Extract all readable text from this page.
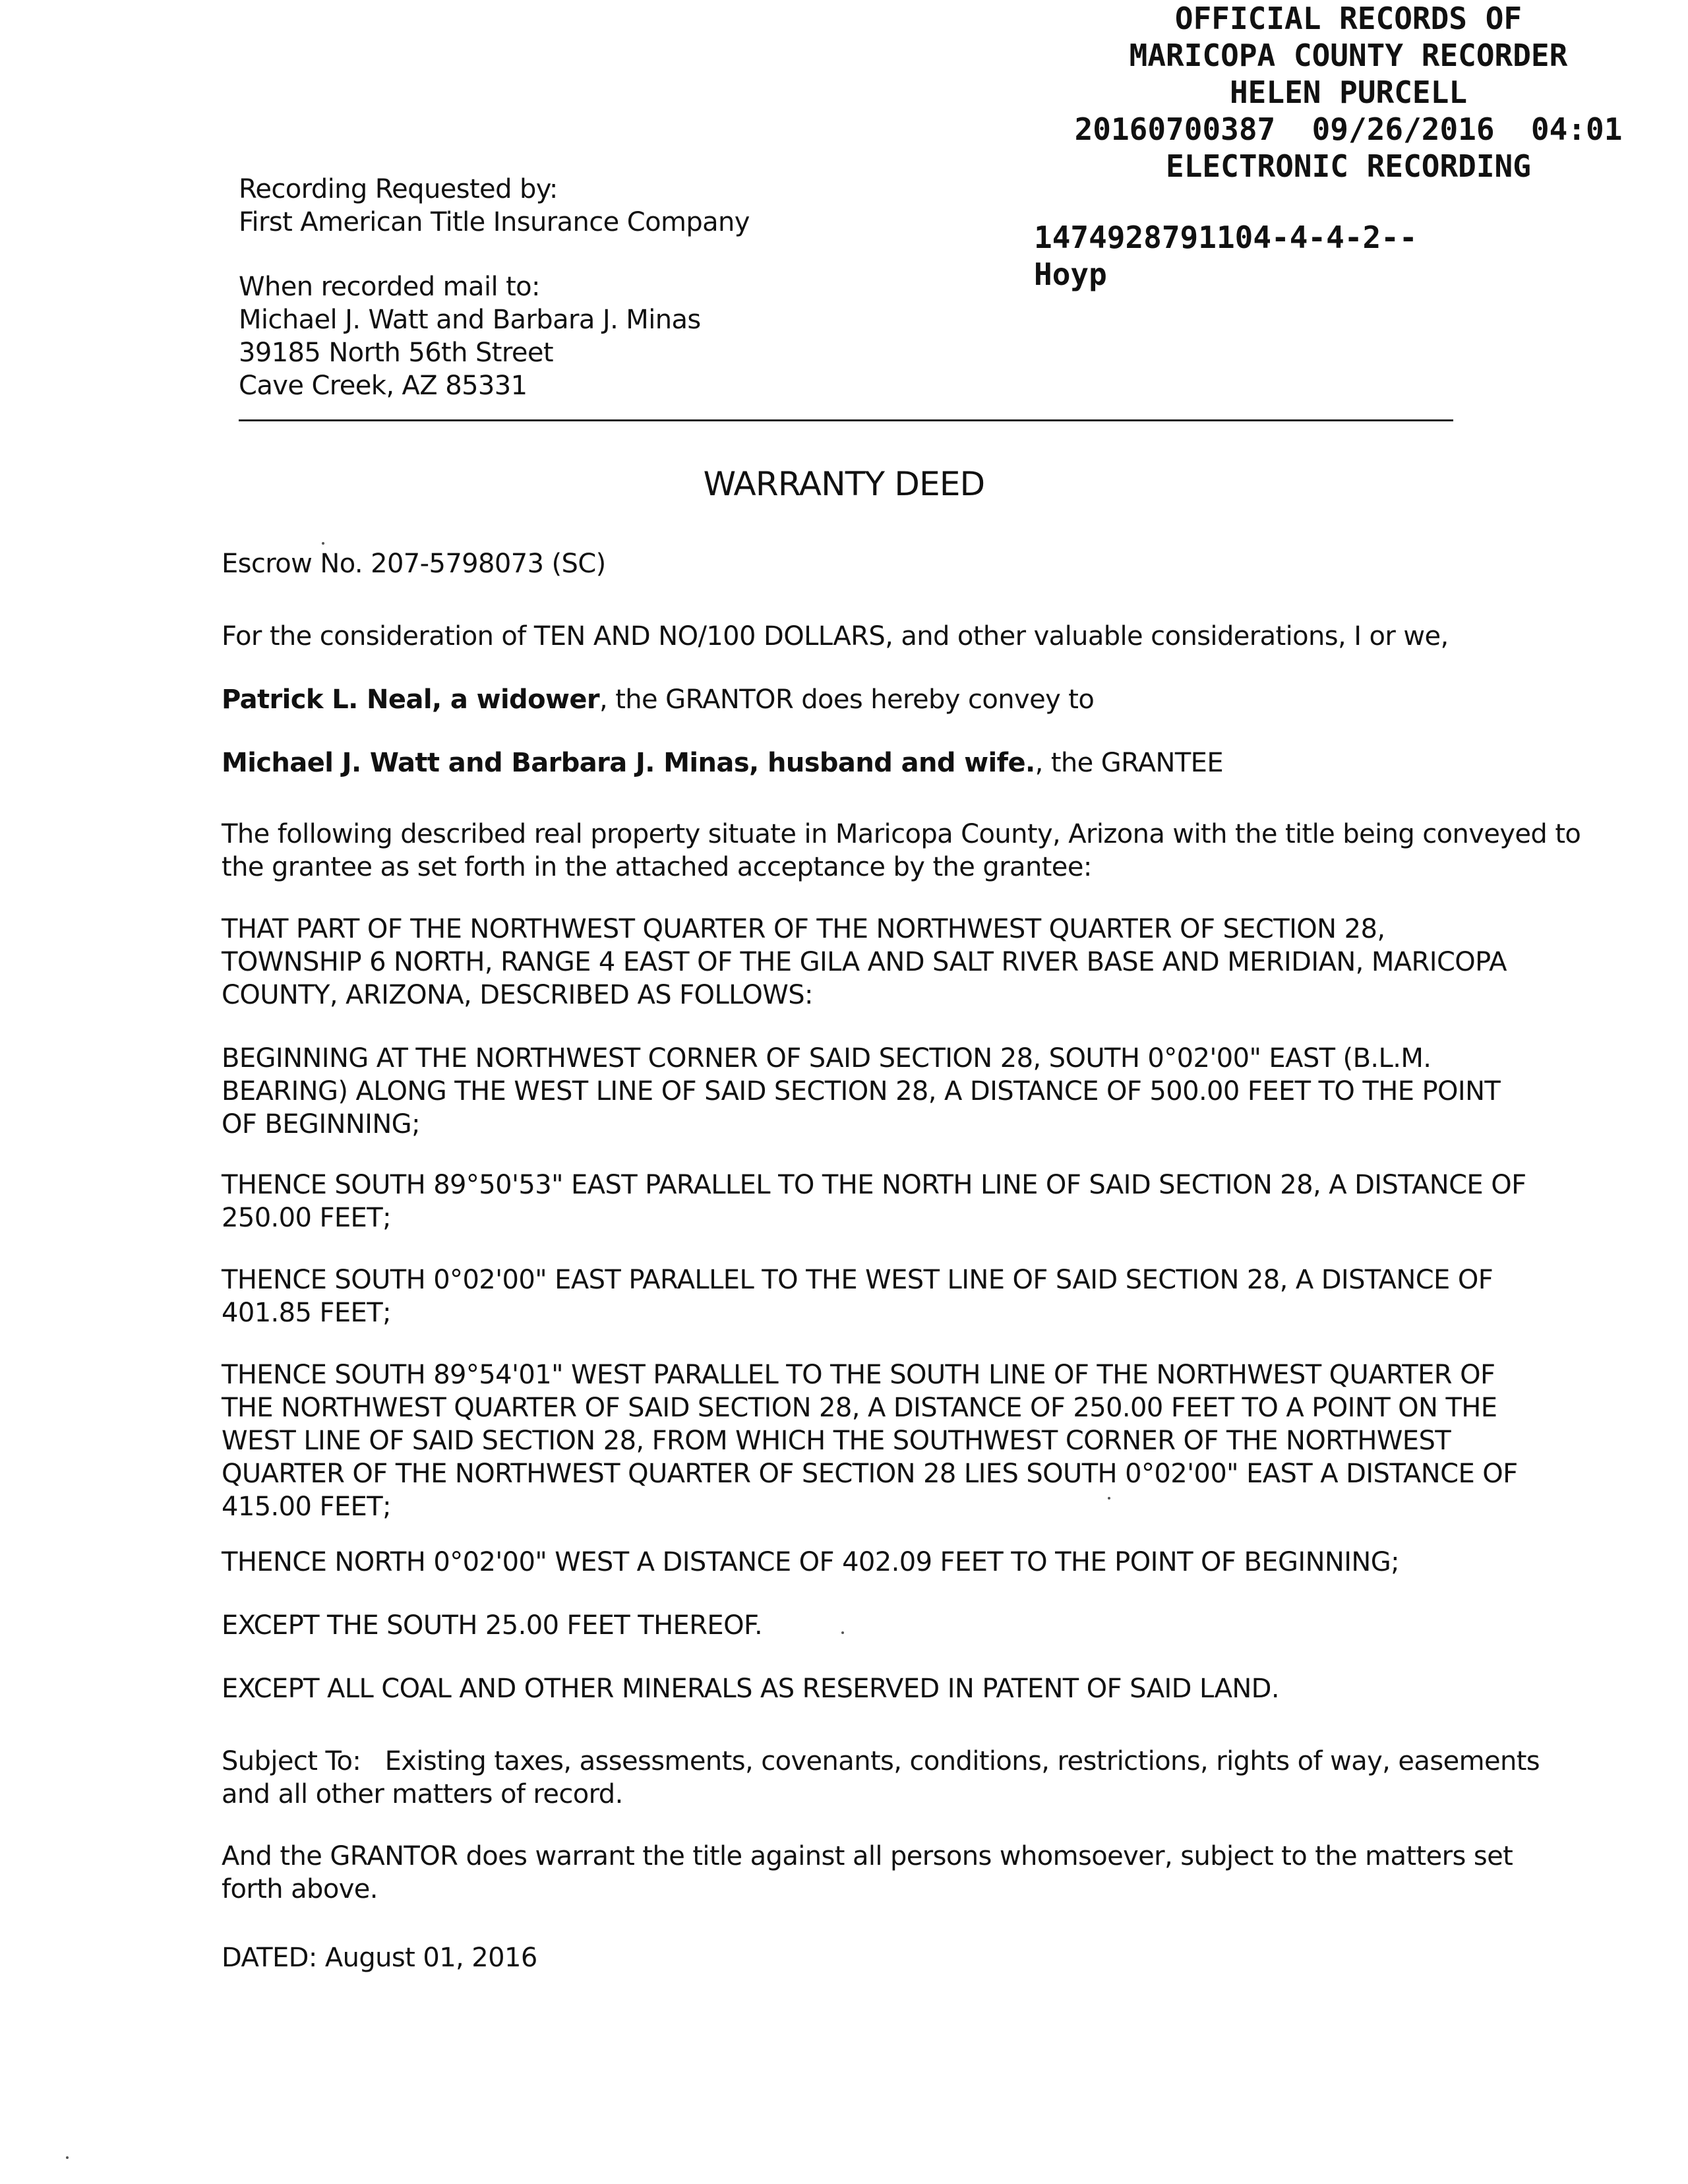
OFFICIAL RECORDS OF
MARICOPA COUNTY RECORDER
HELEN PURCELL
20160700387  09/26/2016  04:01
ELECTRONIC RECORDING
1474928791104-4-4-2--
Hoyp
Recording Requested by:
First American Title Insurance Company
When recorded mail to:
Michael J. Watt and Barbara J. Minas
39185 North 56th Street
Cave Creek, AZ 85331
WARRANTY DEED
Escrow No. 207-5798073 (SC)
For the consideration of TEN AND NO/100 DOLLARS, and other valuable considerations, I or we,
Patrick L. Neal, a widower, the GRANTOR does hereby convey to
Michael J. Watt and Barbara J. Minas, husband and wife., the GRANTEE
The following described real property situate in Maricopa County, Arizona with the title being conveyed to
the grantee as set forth in the attached acceptance by the grantee:
THAT PART OF THE NORTHWEST QUARTER OF THE NORTHWEST QUARTER OF SECTION 28,
TOWNSHIP 6 NORTH, RANGE 4 EAST OF THE GILA AND SALT RIVER BASE AND MERIDIAN, MARICOPA
COUNTY, ARIZONA, DESCRIBED AS FOLLOWS:
BEGINNING AT THE NORTHWEST CORNER OF SAID SECTION 28, SOUTH 0°02'00" EAST (B.L.M.
BEARING) ALONG THE WEST LINE OF SAID SECTION 28, A DISTANCE OF 500.00 FEET TO THE POINT
OF BEGINNING;
THENCE SOUTH 89°50'53" EAST PARALLEL TO THE NORTH LINE OF SAID SECTION 28, A DISTANCE OF
250.00 FEET;
THENCE SOUTH 0°02'00" EAST PARALLEL TO THE WEST LINE OF SAID SECTION 28, A DISTANCE OF
401.85 FEET;
THENCE SOUTH 89°54'01" WEST PARALLEL TO THE SOUTH LINE OF THE NORTHWEST QUARTER OF
THE NORTHWEST QUARTER OF SAID SECTION 28, A DISTANCE OF 250.00 FEET TO A POINT ON THE
WEST LINE OF SAID SECTION 28, FROM WHICH THE SOUTHWEST CORNER OF THE NORTHWEST
QUARTER OF THE NORTHWEST QUARTER OF SECTION 28 LIES SOUTH 0°02'00" EAST A DISTANCE OF
415.00 FEET;
THENCE NORTH 0°02'00" WEST A DISTANCE OF 402.09 FEET TO THE POINT OF BEGINNING;
EXCEPT THE SOUTH 25.00 FEET THEREOF.
EXCEPT ALL COAL AND OTHER MINERALS AS RESERVED IN PATENT OF SAID LAND.
Subject To:   Existing taxes, assessments, covenants, conditions, restrictions, rights of way, easements
and all other matters of record.
And the GRANTOR does warrant the title against all persons whomsoever, subject to the matters set
forth above.
DATED: August 01, 2016
